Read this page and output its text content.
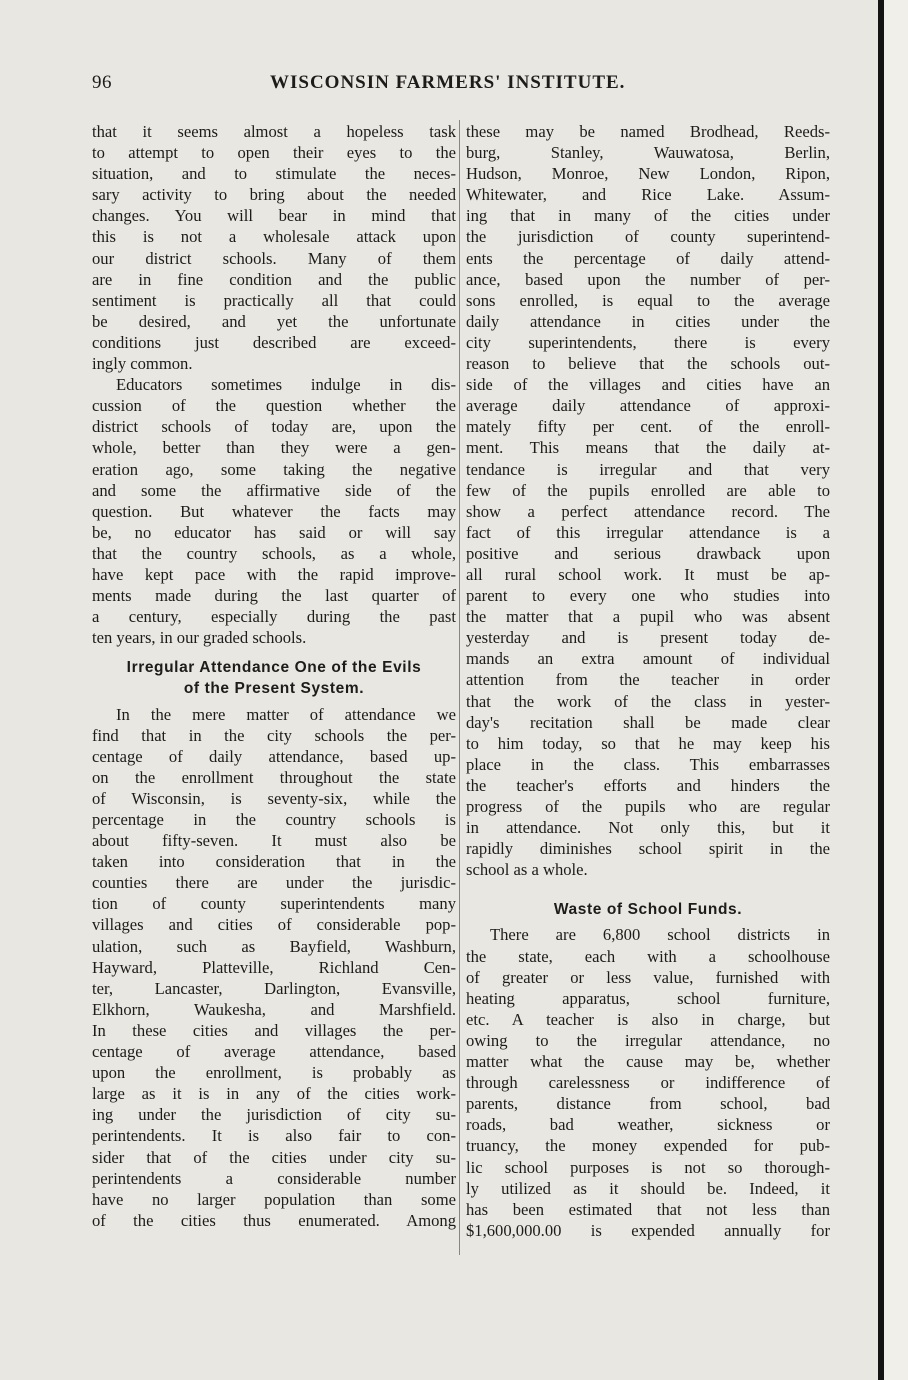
96	WISCONSIN FARMERS' INSTITUTE.
that it seems almost a hopeless task
to attempt to open their eyes to the
situation, and to stimulate the neces-
sary activity to bring about the needed
changes. You will bear in mind that
this is not a wholesale attack upon
our district schools. Many of them
are in fine condition and the public
sentiment is practically all that could
be desired, and yet the unfortunate
conditions just described are exceed-
ingly common.
Educators sometimes indulge in dis-
cussion of the question whether the
district schools of today are, upon the
whole, better than they were a gen-
eration ago, some taking the negative
and some the affirmative side of the
question. But whatever the facts may
be, no educator has said or will say
that the country schools, as a whole,
have kept pace with the rapid improve-
ments made during the last quarter of
a century, especially during the past
ten years, in our graded schools.
Irregular Attendance One of the Evils
of the Present System.
In the mere matter of attendance we
find that in the city schools the per-
centage of daily attendance, based up-
on the enrollment throughout the state
of Wisconsin, is seventy-six, while the
percentage in the country schools is
about fifty-seven. It must also be
taken into consideration that in the
counties there are under the jurisdic-
tion of county superintendents many
villages and cities of considerable pop-
ulation, such as Bayfield, Washburn,
Hayward, Platteville, Richland Cen-
ter, Lancaster, Darlington, Evansville,
Elkhorn, Waukesha, and Marshfield.
In these cities and villages the per-
centage of average attendance, based
upon the enrollment, is probably as
large as it is in any of the cities work-
ing under the jurisdiction of city su-
perintendents. It is also fair to con-
sider that of the cities under city su-
perintendents a considerable number
have no larger population than some
of the cities thus enumerated. Among
these may be named Brodhead, Reeds-
burg, Stanley, Wauwatosa, Berlin,
Hudson, Monroe, New London, Ripon,
Whitewater, and Rice Lake. Assum-
ing that in many of the cities under
the jurisdiction of county superintend-
ents the percentage of daily attend-
ance, based upon the number of per-
sons enrolled, is equal to the average
daily attendance in cities under the
city superintendents, there is every
reason to believe that the schools out-
side of the villages and cities have an
average daily attendance of approxi-
mately fifty per cent. of the enroll-
ment. This means that the daily at-
tendance is irregular and that very
few of the pupils enrolled are able to
show a perfect attendance record. The
fact of this irregular attendance is a
positive and serious drawback upon
all rural school work. It must be ap-
parent to every one who studies into
the matter that a pupil who was absent
yesterday and is present today de-
mands an extra amount of individual
attention from the teacher in order
that the work of the class in yester-
day's recitation shall be made clear
to him today, so that he may keep his
place in the class. This embarrasses
the teacher's efforts and hinders the
progress of the pupils who are regular
in attendance. Not only this, but it
rapidly diminishes school spirit in the
school as a whole.
Waste of School Funds.
There are 6,800 school districts in
the state, each with a schoolhouse
of greater or less value, furnished with
heating apparatus, school furniture,
etc. A teacher is also in charge, but
owing to the irregular attendance, no
matter what the cause may be, whether
through carelessness or indifference of
parents, distance from school, bad
roads, bad weather, sickness or
truancy, the money expended for pub-
lic school purposes is not so thorough-
ly utilized as it should be. Indeed, it
has been estimated that not less than
$1,600,000.00 is expended annually for
